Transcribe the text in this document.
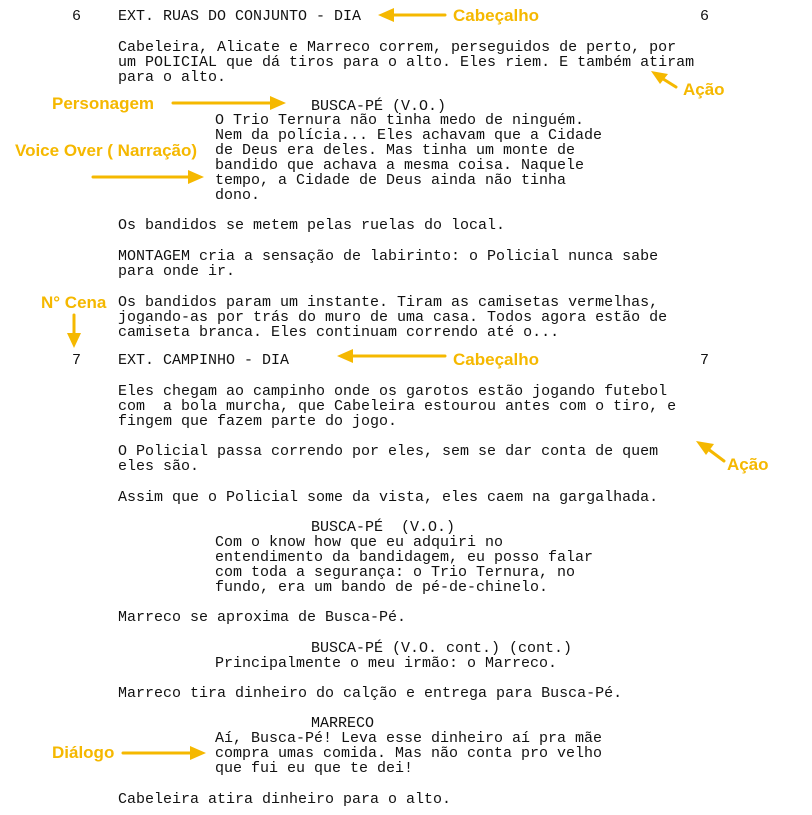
6 EXT. RUAS DO CONJUNTO - DIA	6
Cabeleira, Alicate e Marreco correm, perseguidos de perto, por
um POLICIAL que dá tiros para o alto. Eles riem. E também atiram
para o alto.
BUSCA-PÉ (V.O.)
O Trio Ternura não tinha medo de ninguém.
Nem da polícia... Eles achavam que a Cidade
de Deus era deles. Mas tinha um monte de
bandido que achava a mesma coisa. Naquele
tempo, a Cidade de Deus ainda não tinha
dono.
Os bandidos se metem pelas ruelas do local.
MONTAGEM cria a sensação de labirinto: o Policial nunca sabe
para onde ir.
Os bandidos param um instante. Tiram as camisetas vermelhas,
jogando-as por trás do muro de uma casa. Todos agora estão de
camiseta branca. Eles continuam correndo até o...
7 EXT. CAMPINHO - DIA	7
Eles chegam ao campinho onde os garotos estão jogando futebol
com  a bola murcha, que Cabeleira estourou antes com o tiro, e
fingem que fazem parte do jogo.
O Policial passa correndo por eles, sem se dar conta de quem
eles são.
Assim que o Policial some da vista, eles caem na gargalhada.
BUSCA-PÉ  (V.O.)
Com o know how que eu adquiri no
entendimento da bandidagem, eu posso falar
com toda a segurança: o Trio Ternura, no
fundo, era um bando de pé-de-chinelo.
Marreco se aproxima de Busca-Pé.
BUSCA-PÉ (V.O. cont.) (cont.)
Principalmente o meu irmão: o Marreco.
Marreco tira dinheiro do calção e entrega para Busca-Pé.
MARRECO
Aí, Busca-Pé! Leva esse dinheiro aí pra mãe
compra umas comida. Mas não conta pro velho
que fui eu que te dei!
Cabeleira atira dinheiro para o alto.
Cabeçalho
Ação
Personagem
Voice Over ( Narração)
N° Cena
Cabeçalho
Ação
Diálogo
